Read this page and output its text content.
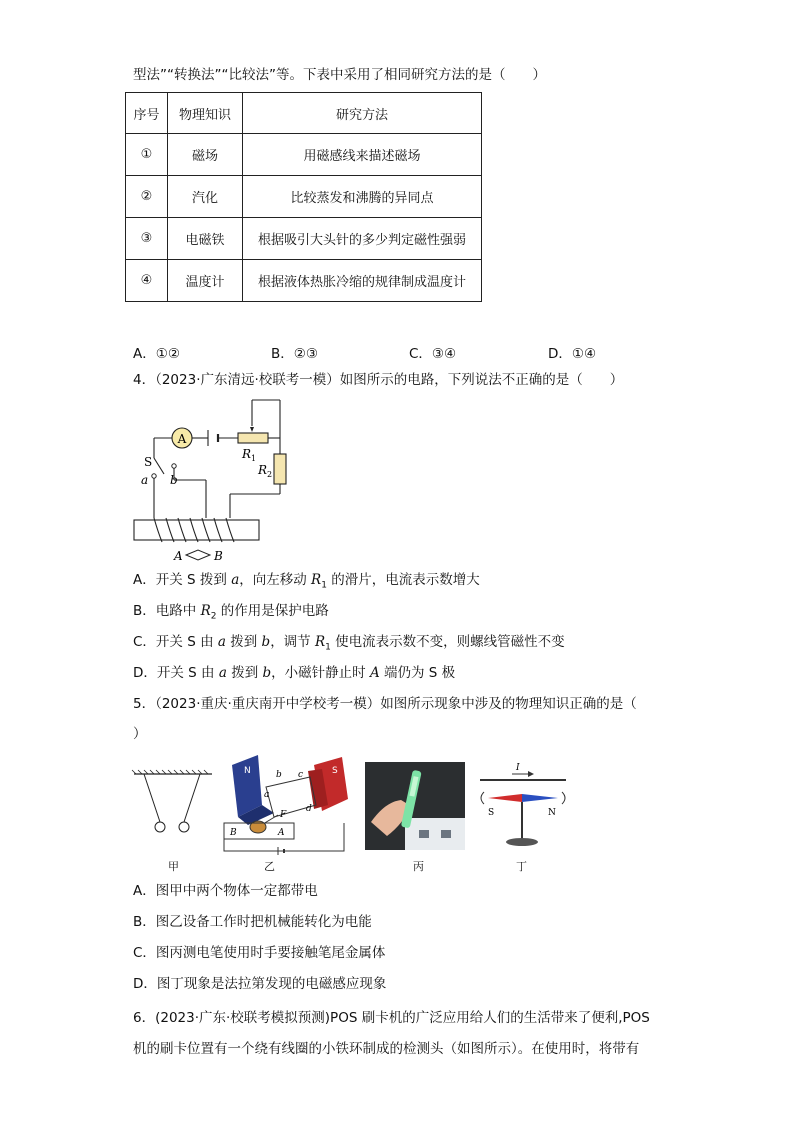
型法”“转换法”“比较法”等。下表中采用了相同研究方法的是（　　）
序号	物理知识	研究方法
①	磁场	用磁感线来描述磁场
②	汽化	比较蒸发和沸腾的异同点
③	电磁铁	根据吸引大头针的多少判定磁性强弱
④	温度计	根据液体热胀冷缩的规律制成温度计
A．①②	B．②③	C．③④	D．①④
4．（2023·广东清远·校联考一模）如图所示的电路，下列说法不正确的是（　　）
A
S
a b
R 1
R 2
A	B
A．开关 S 拨到 a，向左移动 $R_1$ 的滑片，电流表示数增大
B．电路中 $R_2$ 的作用是保护电路
C．开关 S 由 a 拨到 b，调节 $R_1$ 使电流表示数不变，则螺线管磁性不变
D．开关 S 由 a 拨到 b，小磁针静止时 A 端仍为 S 极
5．（2023·重庆·重庆南开中学校考一模）如图所示现象中涉及的物理知识正确的是（
）
N	S
b c
a
d
F
B	A
I
S	N
甲	乙	丙	丁
A．图甲中两个物体一定都带电
B．图乙设备工作时把机械能转化为电能
C．图丙测电笔使用时手要接触笔尾金属体
D．图丁现象是法拉第发现的电磁感应现象
6．(2023·广东·校联考模拟预测)POS 刷卡机的广泛应用给人们的生活带来了便利,POS
机的刷卡位置有一个绕有线圈的小铁环制成的检测头（如图所示）。在使用时，将带有
